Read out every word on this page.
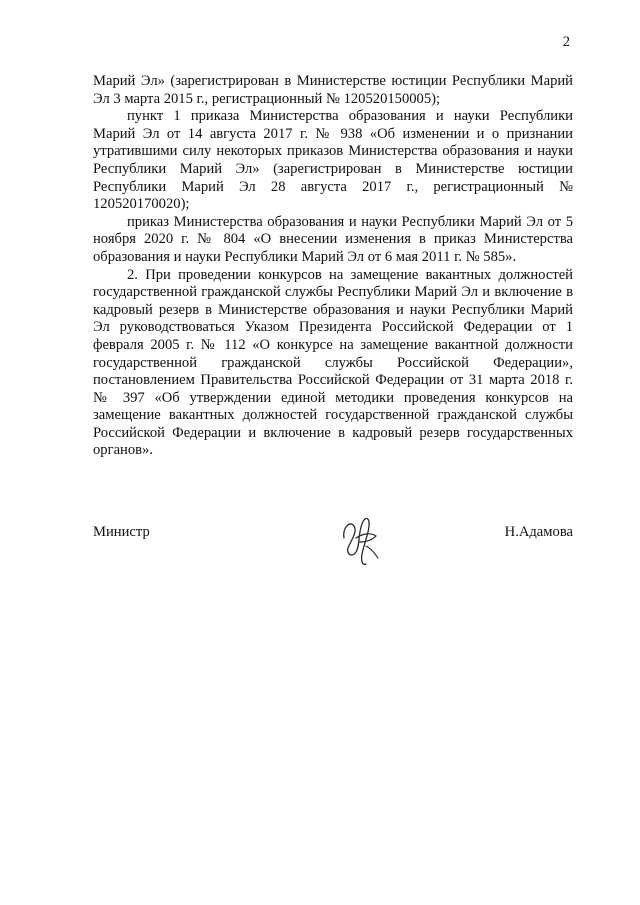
2

Марий Эл» (зарегистрирован в Министерстве юстиции Республики Марий Эл 3 марта 2015 г., регистрационный № 120520150005);

пункт 1 приказа Министерства образования и науки Республики Марий Эл от 14 августа 2017 г. № 938 «Об изменении и о признании утратившими силу некоторых приказов Министерства образования и науки Республики Марий Эл» (зарегистрирован в Министерстве юстиции Республики Марий Эл 28 августа 2017 г., регистрационный № 120520170020);

приказ Министерства образования и науки Республики Марий Эл от 5 ноября 2020 г. № 804 «О внесении изменения в приказ Министерства образования и науки Республики Марий Эл от 6 мая 2011 г. № 585».

2. При проведении конкурсов на замещение вакантных должностей государственной гражданской службы Республики Марий Эл и включение в кадровый резерв в Министерстве образования и науки Республики Марий Эл руководствоваться Указом Президента Российской Федерации от 1 февраля 2005 г. № 112 «О конкурсе на замещение вакантной должности государственной гражданской службы Российской Федерации», постановлением Правительства Российской Федерации от 31 марта 2018 г. № 397 «Об утверждении единой методики проведения конкурсов на замещение вакантных должностей государственной гражданской службы Российской Федерации и включение в кадровый резерв государственных органов».

Министр	Н.Адамова
